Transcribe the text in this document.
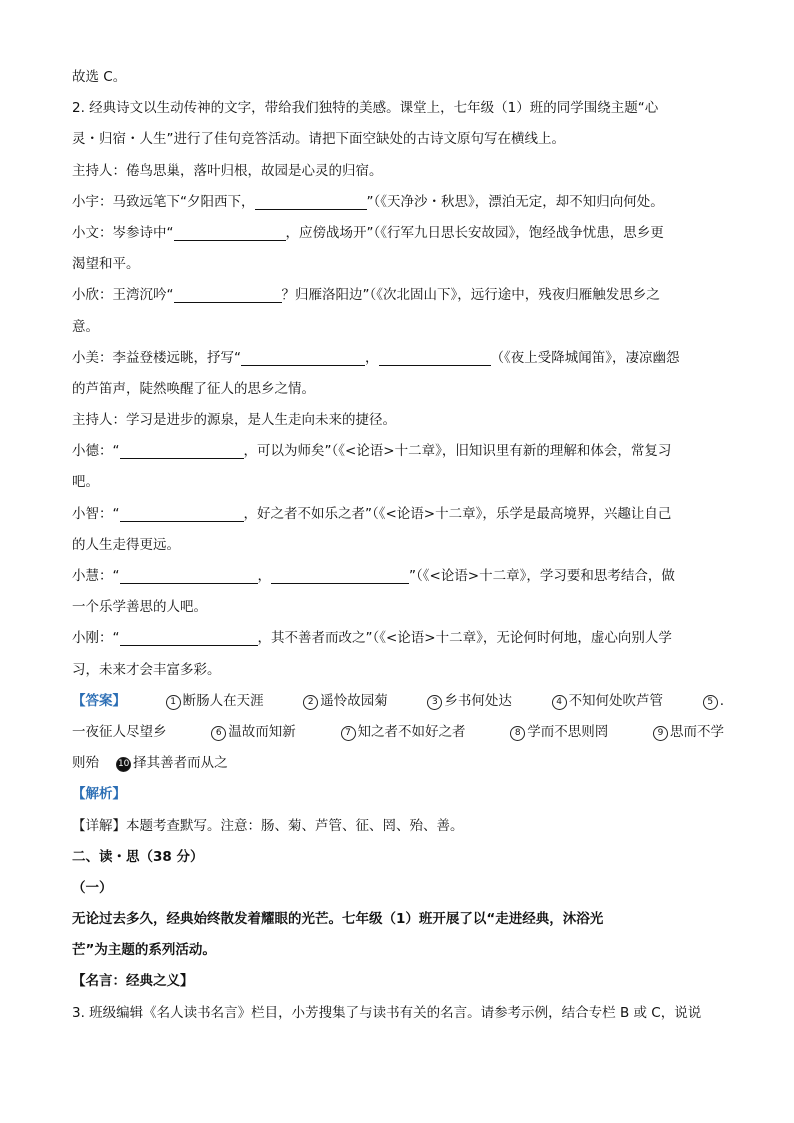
故选 C。
2. 经典诗文以生动传神的文字，带给我们独特的美感。课堂上，七年级（1）班的同学围绕主题“心
灵・归宿・人生”进行了佳句竞答活动。请把下面空缺处的古诗文原句写在横线上。
主持人：倦鸟思巢，落叶归根，故园是心灵的归宿。
小宇：马致远笔下“夕阳西下，	”（《天净沙・秋思》，漂泊无定，却不知归向何处。
小文：岑参诗中“	，应傍战场开”（《行军九日思长安故园》，饱经战争忧患，思乡更
渴望和平。
小欣：王湾沉吟“	？归雁洛阳边”（《次北固山下》，远行途中，残夜归雁触发思乡之
意。
小美：李益登楼远眺，抒写“	，	（《夜上受降城闻笛》，凄凉幽怨
的芦笛声，陡然唤醒了征人的思乡之情。
主持人：学习是进步的源泉，是人生走向未来的捷径。
小德：“	，可以为师矣”（《<论语>十二章》，旧知识里有新的理解和体会，常复习
吧。
小智：“	，好之者不如乐之者”（《<论语>十二章》，乐学是最高境界，兴趣让自己
的人生走得更远。
小慧：“	，	”（《<论语>十二章》，学习要和思考结合，做
一个乐学善思的人吧。
小刚：“	，其不善者而改之”（《<论语>十二章》，无论何时何地，虚心向别人学
习，未来才会丰富多彩。
【答案】	1 断肠人在天涯	2 遥怜故园菊	3 乡书何处达	4 不知何处吹芦管	5 .
一夜征人尽望乡	6 温故而知新	7 知之者不如好之者	8 学而不思则罔	9 思而不学
则殆 10 择其善者而从之
【解析】
【详解】本题考查默写。注意：肠、菊、芦管、征、罔、殆、善。
二、读・思（38 分）
（一）
无论过去多久，经典始终散发着耀眼的光芒。七年级（1）班开展了以“走进经典，沐浴光
芒”为主题的系列活动。
【名言：经典之义】
3. 班级编辑《名人读书名言》栏目，小芳搜集了与读书有关的名言。请参考示例，结合专栏 B 或 C，说说
